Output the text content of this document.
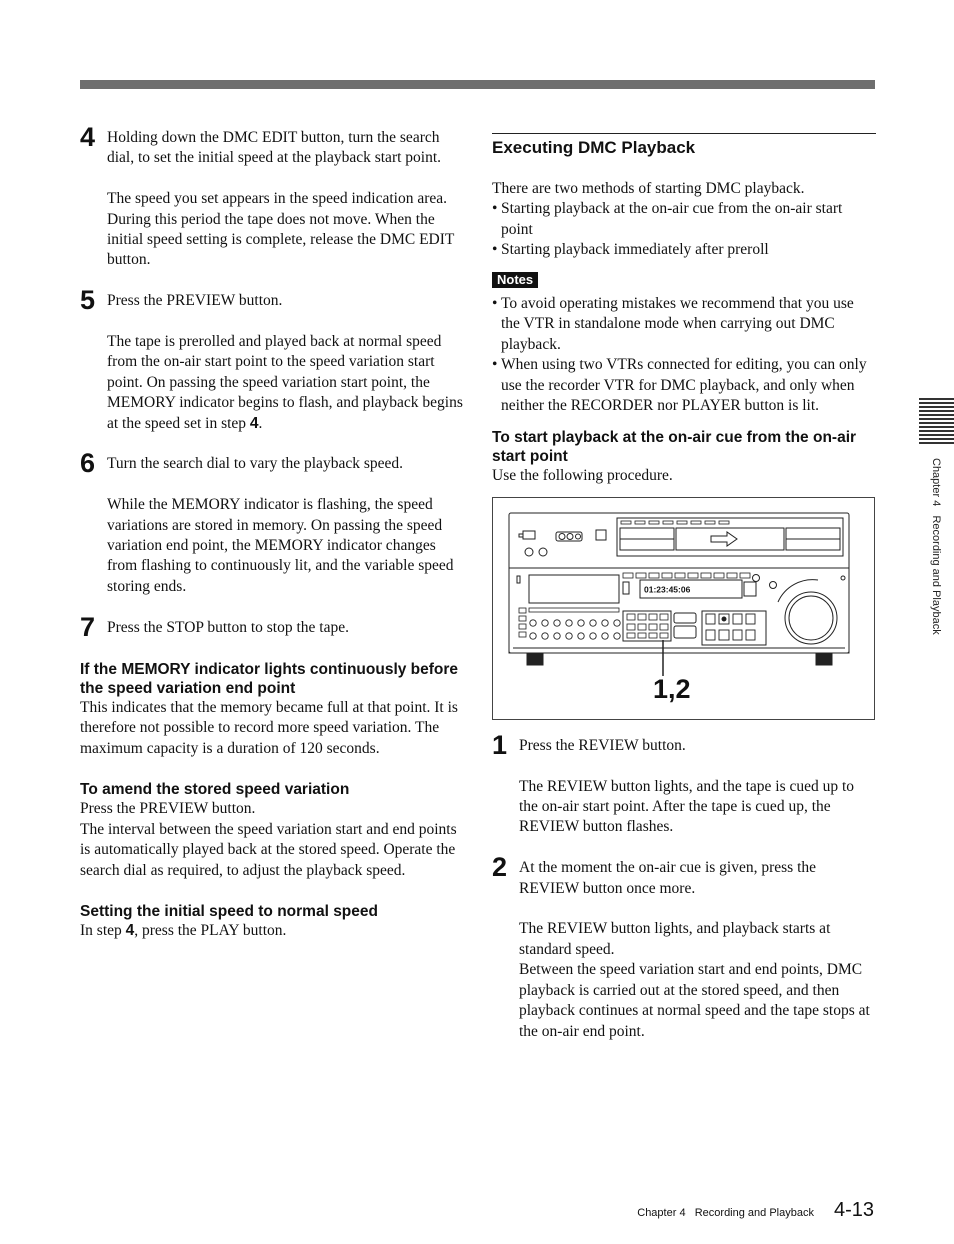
4 Holding down the DMC EDIT button, turn the search dial, to set the initial speed at the playback start point.
The speed you set appears in the speed indication area. During this period the tape does not move. When the initial speed setting is complete, release the DMC EDIT button.
5 Press the PREVIEW button.
The tape is prerolled and played back at normal speed from the on-air start point to the speed variation start point. On passing the speed variation start point, the MEMORY indicator begins to flash, and playback begins at the speed set in step 4.
6 Turn the search dial to vary the playback speed.
While the MEMORY indicator is flashing, the speed variations are stored in memory. On passing the speed variation end point, the MEMORY indicator changes from flashing to continuously lit, and the variable speed storing ends.
7 Press the STOP button to stop the tape.
If the MEMORY indicator lights continuously before the speed variation end point
This indicates that the memory became full at that point. It is therefore not possible to record more speed variation. The maximum capacity is a duration of 120 seconds.
To amend the stored speed variation
Press the PREVIEW button.
The interval between the speed variation start and end points is automatically played back at the stored speed. Operate the search dial as required, to adjust the playback speed.
Setting the initial speed to normal speed
In step 4, press the PLAY button.
Executing DMC Playback
There are two methods of starting DMC playback.
• Starting playback at the on-air cue from the on-air start point
• Starting playback immediately after preroll
Notes
• To avoid operating mistakes we recommend that you use the VTR in standalone mode when carrying out DMC playback.
• When using two VTRs connected for editing, you can only use the recorder VTR for DMC playback, and only when neither the RECORDER nor PLAYER button is lit.
To start playback at the on-air cue from the on-air start point
Use the following procedure.
01:23:45:06
1,2
1 Press the REVIEW button.
The REVIEW button lights, and the tape is cued up to the on-air start point. After the tape is cued up, the REVIEW button flashes.
2 At the moment the on-air cue is given, press the REVIEW button once more.
The REVIEW button lights, and playback starts at standard speed.
Between the speed variation start and end points, DMC playback is carried out at the stored speed, and then playback continues at normal speed and the tape stops at the on-air end point.
Chapter 4   Recording and Playback
Chapter 4   Recording and Playback 4-13
